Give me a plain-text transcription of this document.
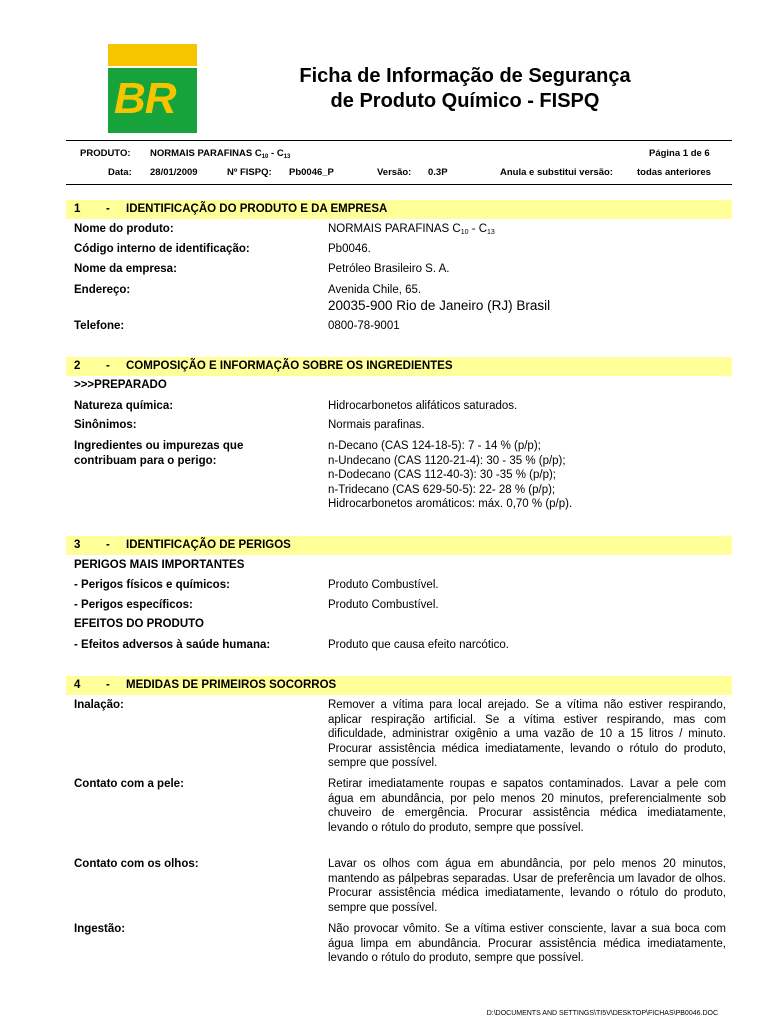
BR	Ficha de Informação de Segurança
de Produto Químico - FISPQ
PRODUTO: NORMAIS PARAFINAS $C_{10} - C_{13}$	Página 1 de 6
Data: 28/01/2009	Nº FISPQ: Pb0046_P	Versão: 0.3P	Anula e substitui versão:	todas anteriores
1 - IDENTIFICAÇÃO DO PRODUTO E DA EMPRESA
Nome do produto:	NORMAIS PARAFINAS $C_{10} - C_{13}$
Código interno de identificação:	Pb0046.
Nome da empresa:	Petróleo Brasileiro S. A.
Endereço:	Avenida Chile, 65.
20035-900 Rio de Janeiro (RJ) Brasil
Telefone:	0800-78-9001
2 - COMPOSIÇÃO E INFORMAÇÃO SOBRE OS INGREDIENTES
>>>PREPARADO
Natureza química:	Hidrocarbonetos alifáticos saturados.
Sinônimos:	Normais parafinas.
Ingredientes ou impurezas que
contribuam para o perigo:
n-Decano (CAS 124-18-5): 7 - 14 % (p/p);
n-Undecano (CAS 1120-21-4): 30 - 35 % (p/p);
n-Dodecano (CAS 112-40-3): 30 -35 % (p/p);
n-Tridecano (CAS 629-50-5): 22- 28 % (p/p);
Hidrocarbonetos aromáticos: máx. 0,70 % (p/p).
3 - IDENTIFICAÇÃO DE PERIGOS
PERIGOS MAIS IMPORTANTES
- Perigos físicos e químicos:	Produto Combustível.
- Perigos específicos:	Produto Combustível.
EFEITOS DO PRODUTO
- Efeitos adversos à saúde humana:	Produto que causa efeito narcótico.
4 - MEDIDAS DE PRIMEIROS SOCORROS
Inalação:	Remover a vítima para local arejado. Se a vítima não estiver respirando, aplicar respiração artificial. Se a vítima estiver respirando, mas com dificuldade, administrar oxigênio a uma vazão de 10 a 15 litros / minuto. Procurar assistência médica imediatamente, levando o rótulo do produto, sempre que possível.
Contato com a pele:	Retirar imediatamente roupas e sapatos contaminados. Lavar a pele com água em abundância, por pelo menos 20 minutos, preferencialmente sob chuveiro de emergência. Procurar assistência médica imediatamente, levando o rótulo do produto, sempre que possível.
Contato com os olhos:	Lavar os olhos com água em abundância, por pelo menos 20 minutos, mantendo as pálpebras separadas. Usar de preferência um lavador de olhos. Procurar assistência médica imediatamente, levando o rótulo do produto, sempre que possível.
Ingestão:	Não provocar vômito. Se a vítima estiver consciente, lavar a sua boca com água limpa em abundância. Procurar assistência médica imediatamente, levando o rótulo do produto, sempre que possível.
D:\DOCUMENTS AND SETTINGS\TI5V\DESKTOP\FICHAS\PB0046.DOC
